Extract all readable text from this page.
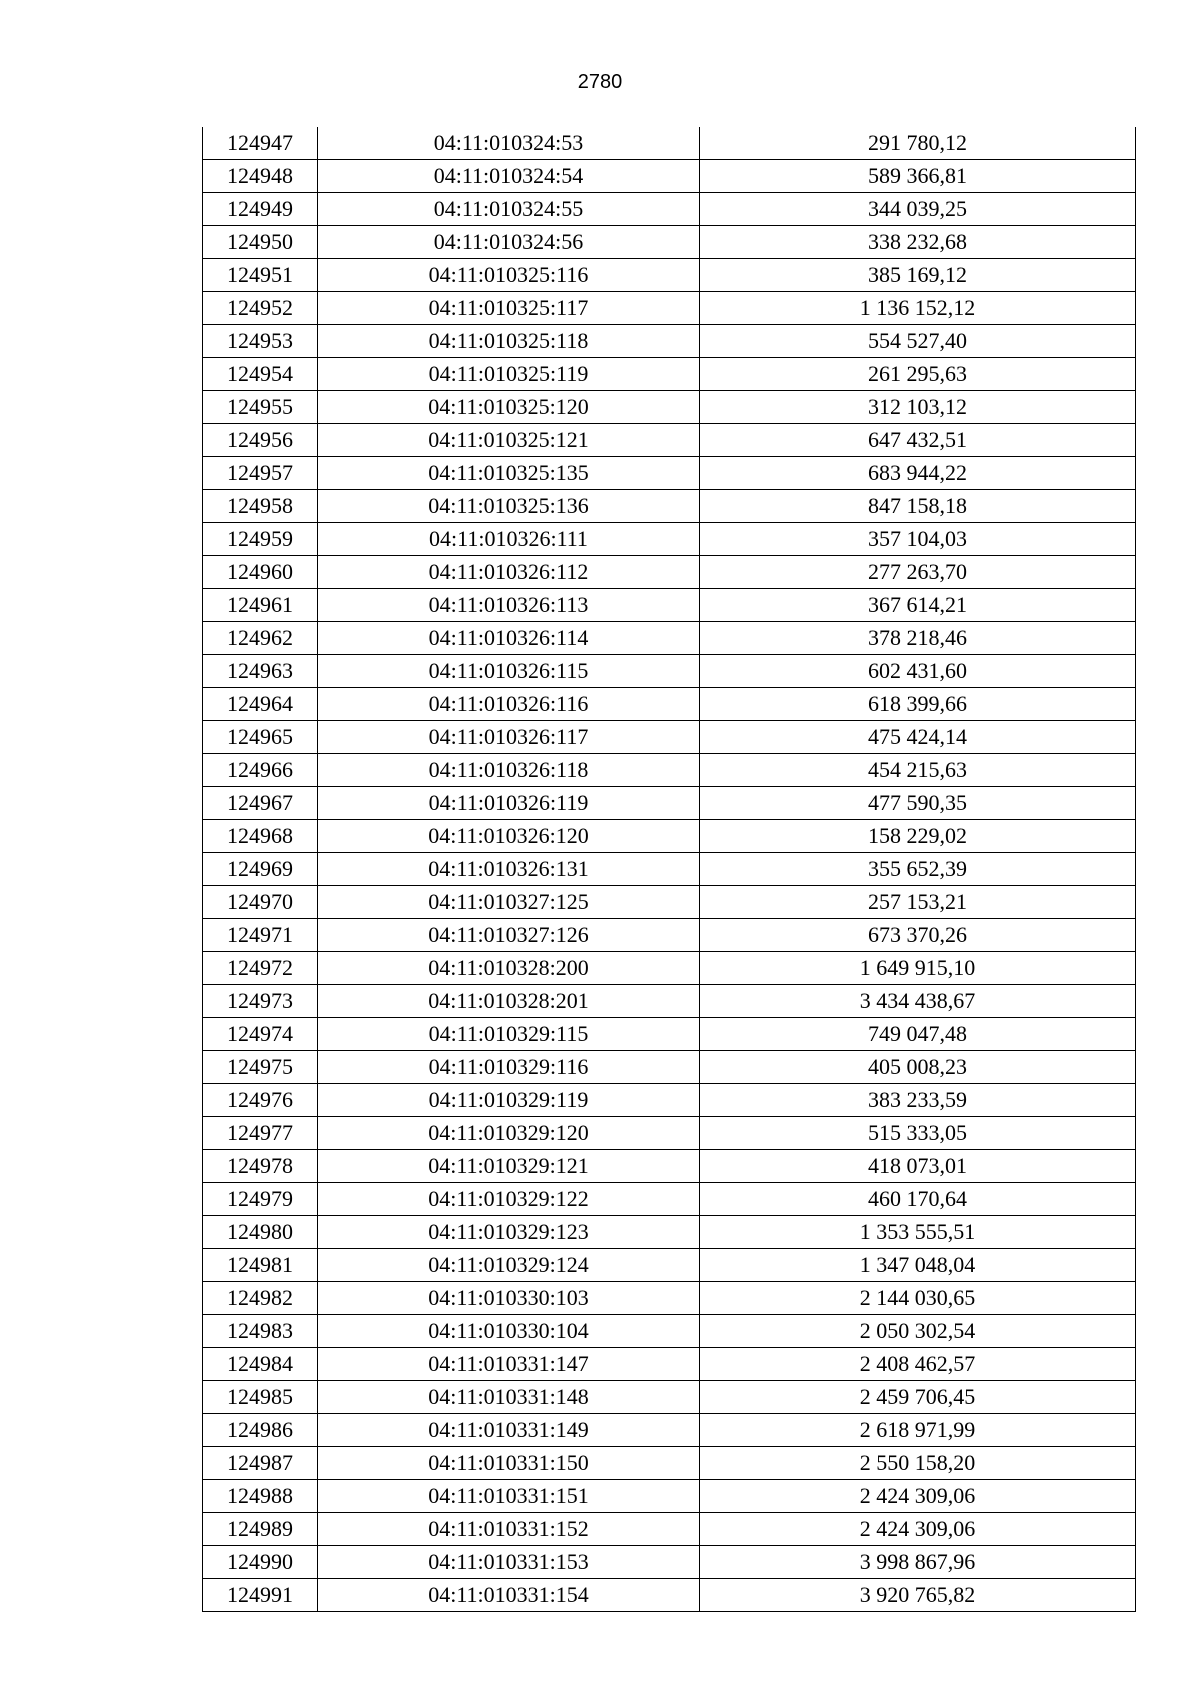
2780
124947	04:11:010324:53	291 780,12
124948	04:11:010324:54	589 366,81
124949	04:11:010324:55	344 039,25
124950	04:11:010324:56	338 232,68
124951	04:11:010325:116	385 169,12
124952	04:11:010325:117	1 136 152,12
124953	04:11:010325:118	554 527,40
124954	04:11:010325:119	261 295,63
124955	04:11:010325:120	312 103,12
124956	04:11:010325:121	647 432,51
124957	04:11:010325:135	683 944,22
124958	04:11:010325:136	847 158,18
124959	04:11:010326:111	357 104,03
124960	04:11:010326:112	277 263,70
124961	04:11:010326:113	367 614,21
124962	04:11:010326:114	378 218,46
124963	04:11:010326:115	602 431,60
124964	04:11:010326:116	618 399,66
124965	04:11:010326:117	475 424,14
124966	04:11:010326:118	454 215,63
124967	04:11:010326:119	477 590,35
124968	04:11:010326:120	158 229,02
124969	04:11:010326:131	355 652,39
124970	04:11:010327:125	257 153,21
124971	04:11:010327:126	673 370,26
124972	04:11:010328:200	1 649 915,10
124973	04:11:010328:201	3 434 438,67
124974	04:11:010329:115	749 047,48
124975	04:11:010329:116	405 008,23
124976	04:11:010329:119	383 233,59
124977	04:11:010329:120	515 333,05
124978	04:11:010329:121	418 073,01
124979	04:11:010329:122	460 170,64
124980	04:11:010329:123	1 353 555,51
124981	04:11:010329:124	1 347 048,04
124982	04:11:010330:103	2 144 030,65
124983	04:11:010330:104	2 050 302,54
124984	04:11:010331:147	2 408 462,57
124985	04:11:010331:148	2 459 706,45
124986	04:11:010331:149	2 618 971,99
124987	04:11:010331:150	2 550 158,20
124988	04:11:010331:151	2 424 309,06
124989	04:11:010331:152	2 424 309,06
124990	04:11:010331:153	3 998 867,96
124991	04:11:010331:154	3 920 765,82
